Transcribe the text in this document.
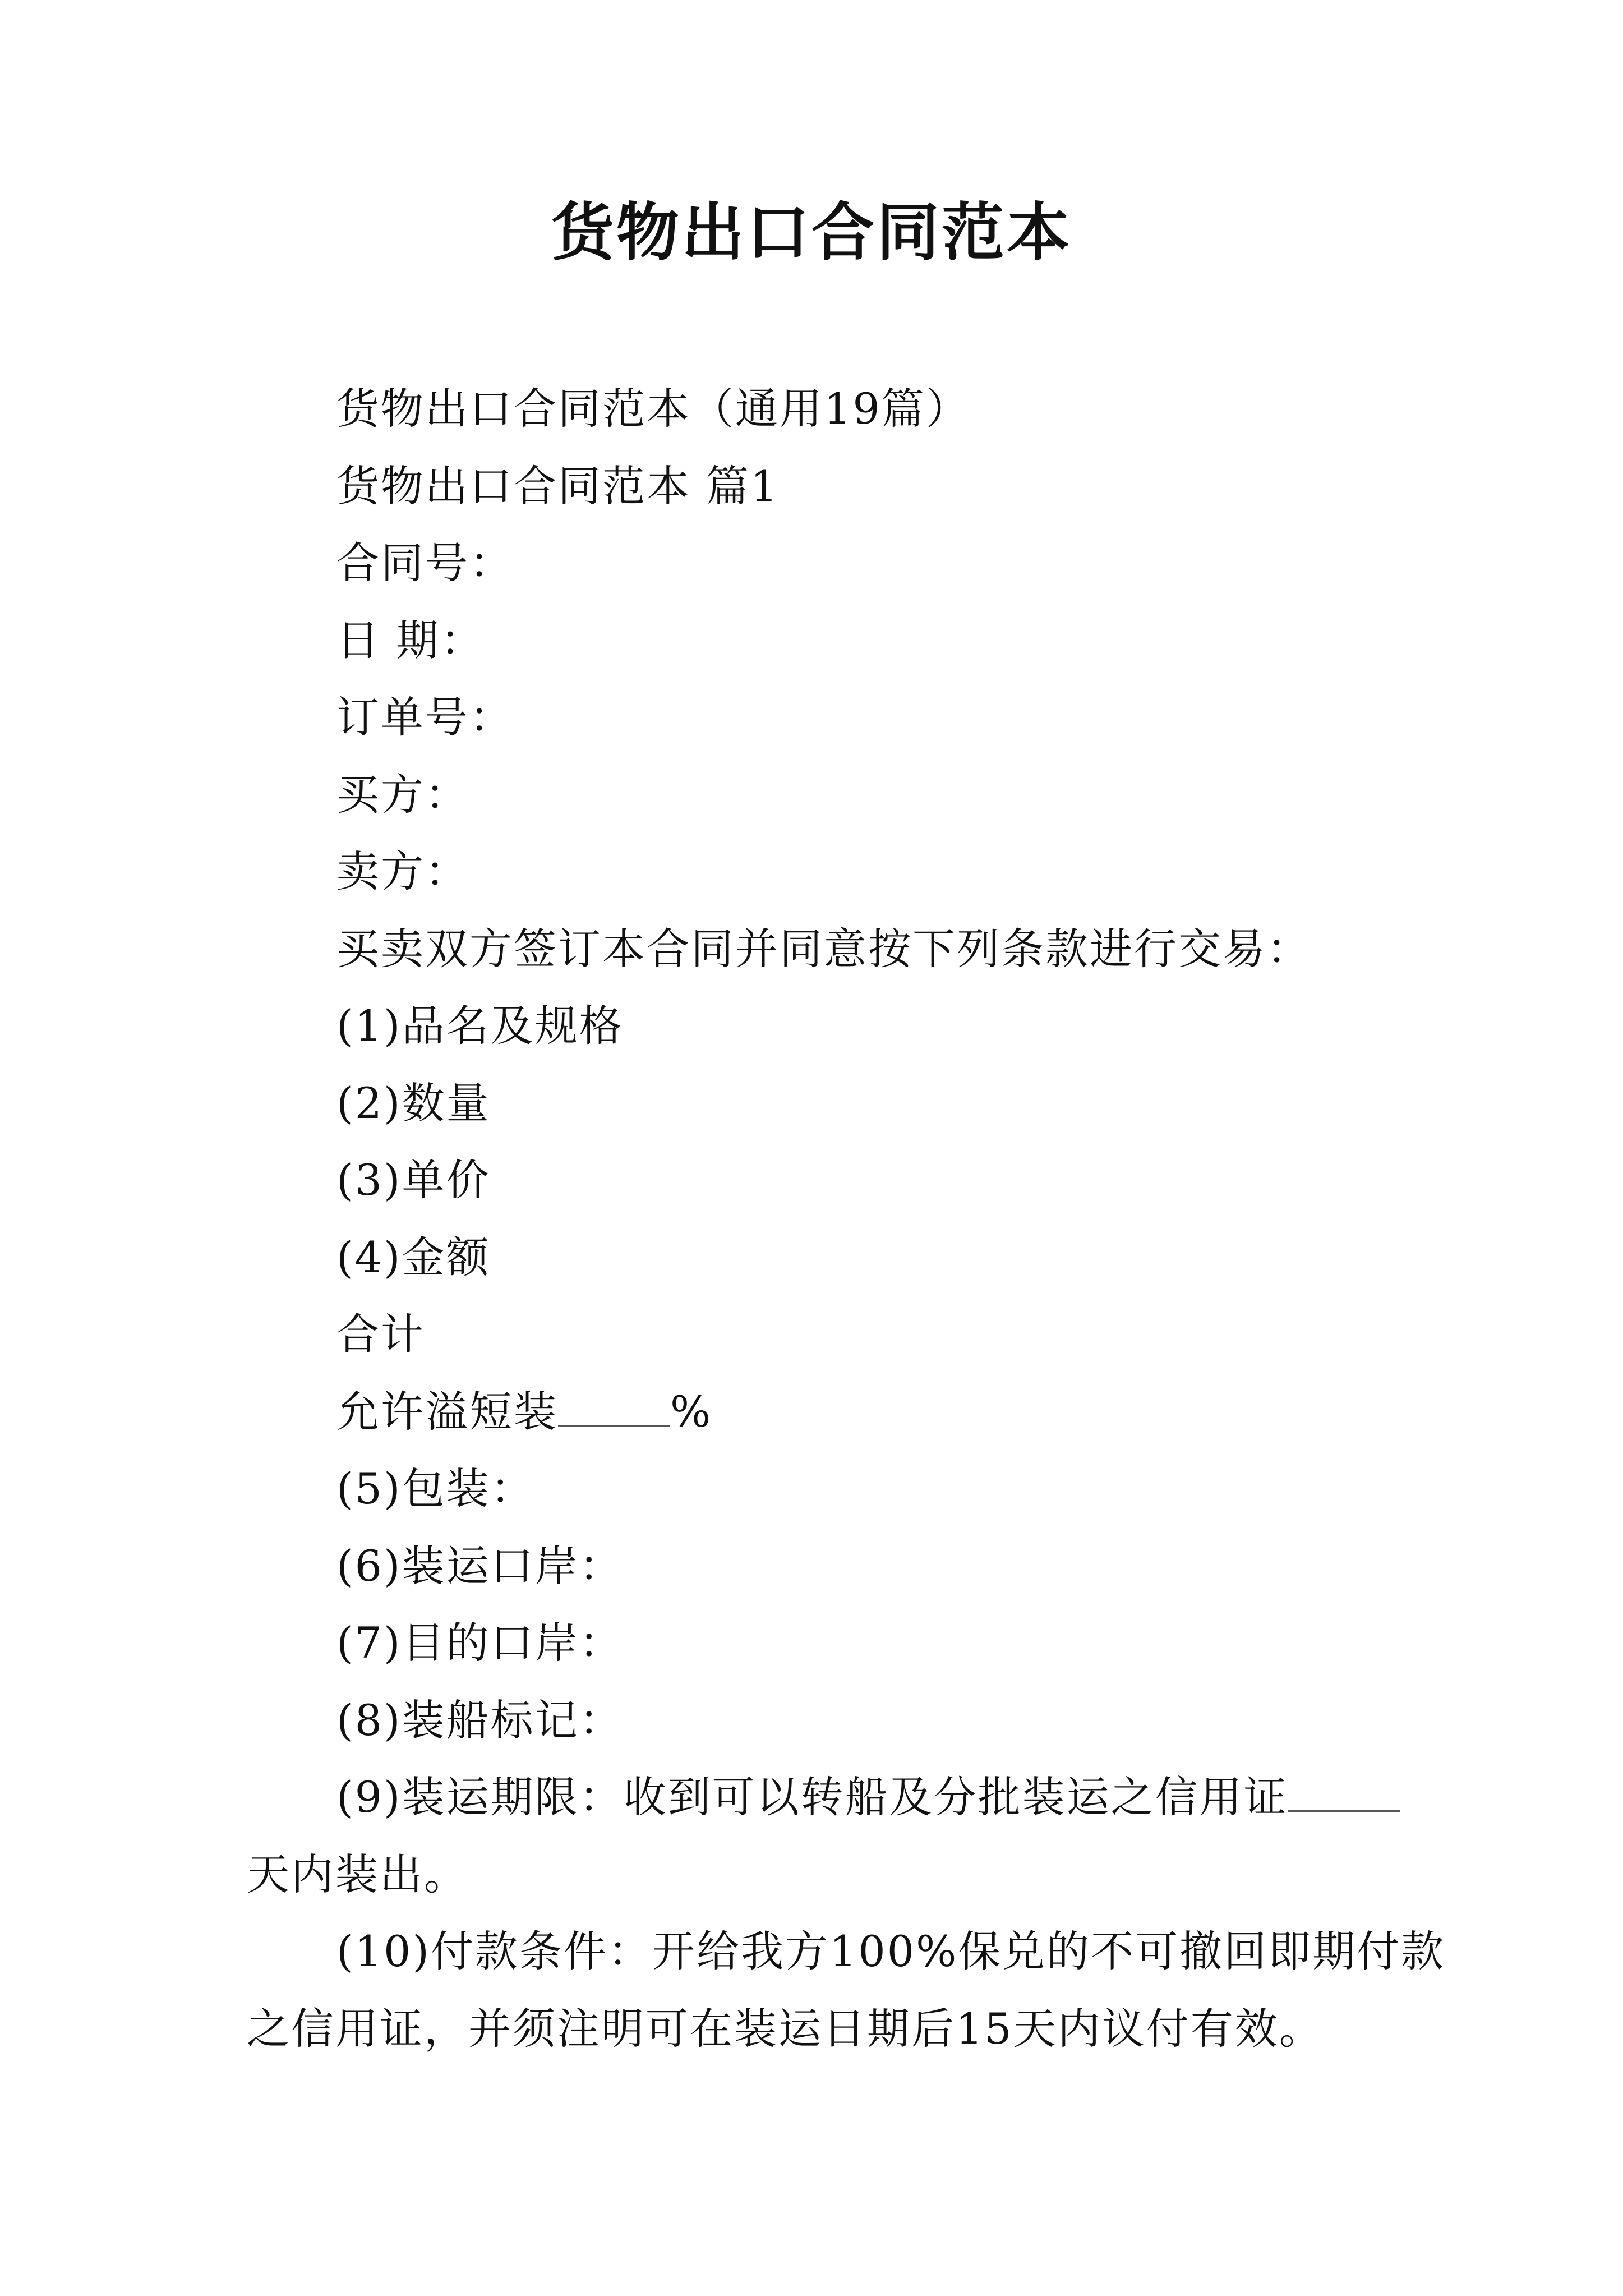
货物出口合同范本

货物出口合同范本（通用19篇）

货物出口合同范本 篇1

合同号：

日 期：

订单号：

买方：

卖方：

买卖双方签订本合同并同意按下列条款进行交易：

(1)品名及规格

(2)数量

(3)单价

(4)金额

合计

允许溢短装	%

(5)包装：

(6)装运口岸：

(7)目的口岸：

(8)装船标记：

(9)装运期限：收到可以转船及分批装运之信用证

天内装出。

(10)付款条件：开给我方100%保兑的不可撤回即期付款

之信用证，并须注明可在装运日期后15天内议付有效。
